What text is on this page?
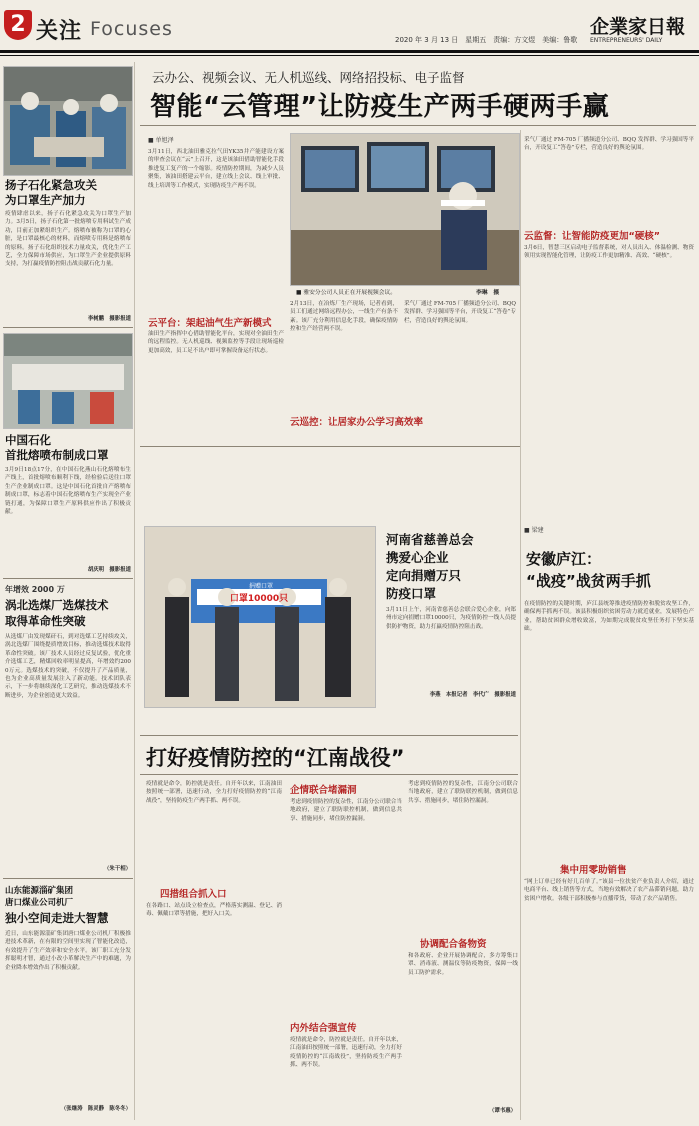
2 关注 Focuses	2020 年 3 月 13 日　星期五　责编：方文煜　美编：鲁歌
企業家日報
ENTREPRENEURS' DAILY
扬子石化紧急攻关
为口罩生产加力
疫情肆虐以来，扬子石化紧急攻关为口罩生产加力。3月5日，扬子石化第一批熔喷专用料试生产成功，目前正加紧组织生产。熔喷布被称为口罩的心脏，是口罩最核心的材料，而熔喷专用料是熔喷布的原料。扬子石化组织技术力量攻关，优化生产工艺，全力保障市场供应，为口罩生产企业提供原料支持，为打赢疫情防控阻击战贡献石化力量。
李树鹏　摄影报道
中国石化
首批熔喷布制成口罩
3月9日18点17分，在中国石化燕山石化熔喷布生产线上，首批熔喷布顺利下线，经检验后送往口罩生产企业制成口罩。这是中国石化首批自产熔喷布制成口罩，标志着中国石化熔喷布生产实现全产业链打通，为保障口罩生产原料供应作出了积极贡献。
胡庆明　摄影报道
年增效 2000 万
涡北选煤厂选煤技术
取得革命性突破
从选煤厂由发现煤矸石，到对选煤工艺持续攻关，涡北选煤厂围绕提质增效目标，推动选煤技术取得革命性突破。该厂技术人员经过反复试验，优化重介选煤工艺，精煤回收率明显提高，年增效约2000万元。选煤技术的突破，不仅提升了产品质量，也为企业高质量发展注入了新动能。技术团队表示，下一步将继续深化工艺研究，推动选煤技术不断进步，为企业创造更大效益。
（朱干相）
山东能源淄矿集团
唐口煤业公司机厂
独小空间走进大智慧
近日，山东能源淄矿集团唐口煤业公司机厂积极推进技术革新，在有限的空间里实现了智能化改造，有效提升了生产效率和安全水平。该厂职工充分发挥聪明才智，通过小改小革解决生产中的难题，为企业降本增效作出了积极贡献。
（张继涛　陈灵静　陈冬冬）
云办公、视频会议、无人机巡线、网络招投标、电子监督
智能“云管理”让防疫生产两手硬两手赢
■ 单旭泽
3月11日，西北油田雅克拉气田YK35井产能建设方案的审查会议在“云”上召开，这是该油田借助智能化手段推进复工复产的一个缩影。疫情防控期间，为减少人员聚集，该油田搭建云平台，建立线上会议、线上审批、线上培训等工作模式，实现防疫生产两不误。
■ 雅安分公司人员正在开展视频会议。	李琳　摄
云平台：架起油气生产新模式
油田生产指挥中心借助智能化平台，实现对全油田生产的远程监控。无人机巡线、视频监控等手段让现场巡检更加高效，员工足不出户即可掌握设备运行状态。
2月13日，在冶炼厂生产现场，记者看到，员工们通过网络远程办公，一线生产有条不紊。该厂充分利用信息化手段，确保疫情防控和生产经营两不误。
云巡控：让居家办公学习高效率
采气厂通过 FM-705 厂播频道分公司、BQQ 发挥群、学习强国等平台，开设复工“答卷”专栏，营造良好的舆论氛围。
采气厂通过 FM-705 厂播频道分公司、BQQ 发挥群、学习强国等平台，开设复工“答卷”专栏，营造良好的舆论氛围。
云监督：让智能防疫更加“硬核”
3月6日，智慧三区启动电子监督系统，对人员出入、体温检测、物资领用实现智能化管理，让防疫工作更加精准、高效、“硬核”。
捐赠口罩
口罩10000只
河南省慈善总会
携爱心企业
定向捐赠万只
防疫口罩
3月11日上午，河南省慈善总会联合爱心企业，向郑州市定向捐赠口罩10000只，为疫情防控一线人员提供防护物资，助力打赢疫情防控阻击战。
李燕　本报记者　李代广　摄影报道
■ 梁建
安徽庐江：
“战疫”战贫两手抓
在疫情防控的关键时期，庐江县统筹推进疫情防控和脱贫攻坚工作，确保两手抓两不误。该县积极组织贫困劳动力就近就业，发展特色产业，帮助贫困群众增收致富，为如期完成脱贫攻坚任务打下坚实基础。
集中用零助销售
“网上订单已经有好几百单了。”该县一位扶贫产业负责人介绍，通过电商平台、线上销售等方式，当地有效解决了农产品滞销问题，助力贫困户增收。各级干部积极参与直播带货，带动了农产品销售。
打好疫情防控的“江南战役”
疫情就是命令，防控就是责任。自开年以来，江南油田按照统一部署，迅速行动，全力打好疫情防控的“江南战役”，坚持防疫生产两手抓、两不误。
四措组合抓入口
在各路口、站点设立检查点，严格落实测温、登记、消毒、佩戴口罩等措施，把好入口关。
企情联合堵漏洞
考虑到疫情防控的复杂性，江南分公司联合当地政府，建立了联防联控机制，做到信息共享、措施同步，堵住防控漏洞。
内外结合强宣传
疫情就是命令，防控就是责任。自开年以来，江南油田按照统一部署，迅速行动，全力打好疫情防控的“江南战役”，坚持防疫生产两手抓、两不误。
考虑到疫情防控的复杂性，江南分公司联合当地政府，建立了联防联控机制，做到信息共享、措施同步，堵住防控漏洞。
协调配合备物资
和各政府、企业开展协调配合，多方筹集口罩、消毒液、测温仪等防疫物资，保障一线员工防护需求。
（谭书惠）
